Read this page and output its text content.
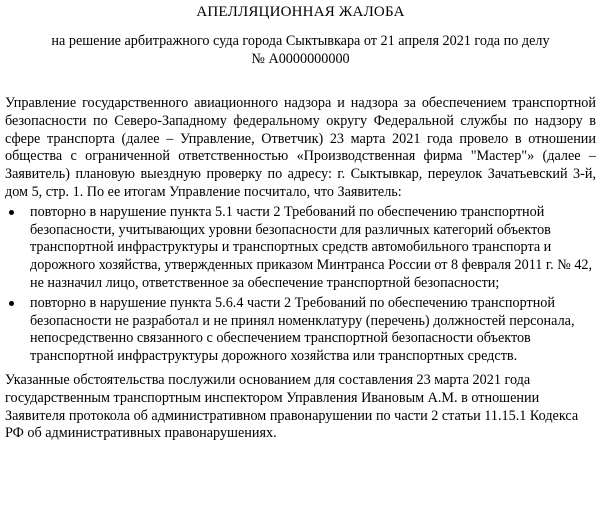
АПЕЛЛЯЦИОННАЯ ЖАЛОБА
на решение арбитражного суда города Сыктывкара от 21 апреля 2021 года по делу
№ А0000000000

Управление государственного авиационного надзора и надзора за обеспечением транспортной безопасности по Северо-Западному федеральному округу Федеральной службы по надзору в сфере транспорта (далее – Управление, Ответчик) 23 марта 2021 года провело в отношении общества с ограниченной ответственностью «Производственная фирма "Мастер"» (далее – Заявитель) плановую выездную проверку по адресу: г. Сыктывкар, переулок Зачатьевский 3-й, дом 5, стр. 1. По ее итогам Управление посчитало, что Заявитель:

повторно в нарушение пункта 5.1 части 2 Требований по обеспечению транспортной безопасности, учитывающих уровни безопасности для различных категорий объектов транспортной инфраструктуры и транспортных средств автомобильного транспорта и дорожного хозяйства, утвержденных приказом Минтранса России от 8 февраля 2011 г. № 42, не назначил лицо, ответственное за обеспечение транспортной безопасности;
повторно в нарушение пункта 5.6.4 части 2 Требований по обеспечению транспортной безопасности не разработал и не принял номенклатуру (перечень) должностей персонала, непосредственно связанного с обеспечением транспортной безопасности объектов транспортной инфраструктуры дорожного хозяйства или транспортных средств.

Указанные обстоятельства послужили основанием для составления 23 марта 2021 года государственным транспортным инспектором Управления Ивановым А.М. в отношении Заявителя протокола об административном правонарушении по части 2 статьи 11.15.1 Кодекса РФ об административных правонарушениях.
